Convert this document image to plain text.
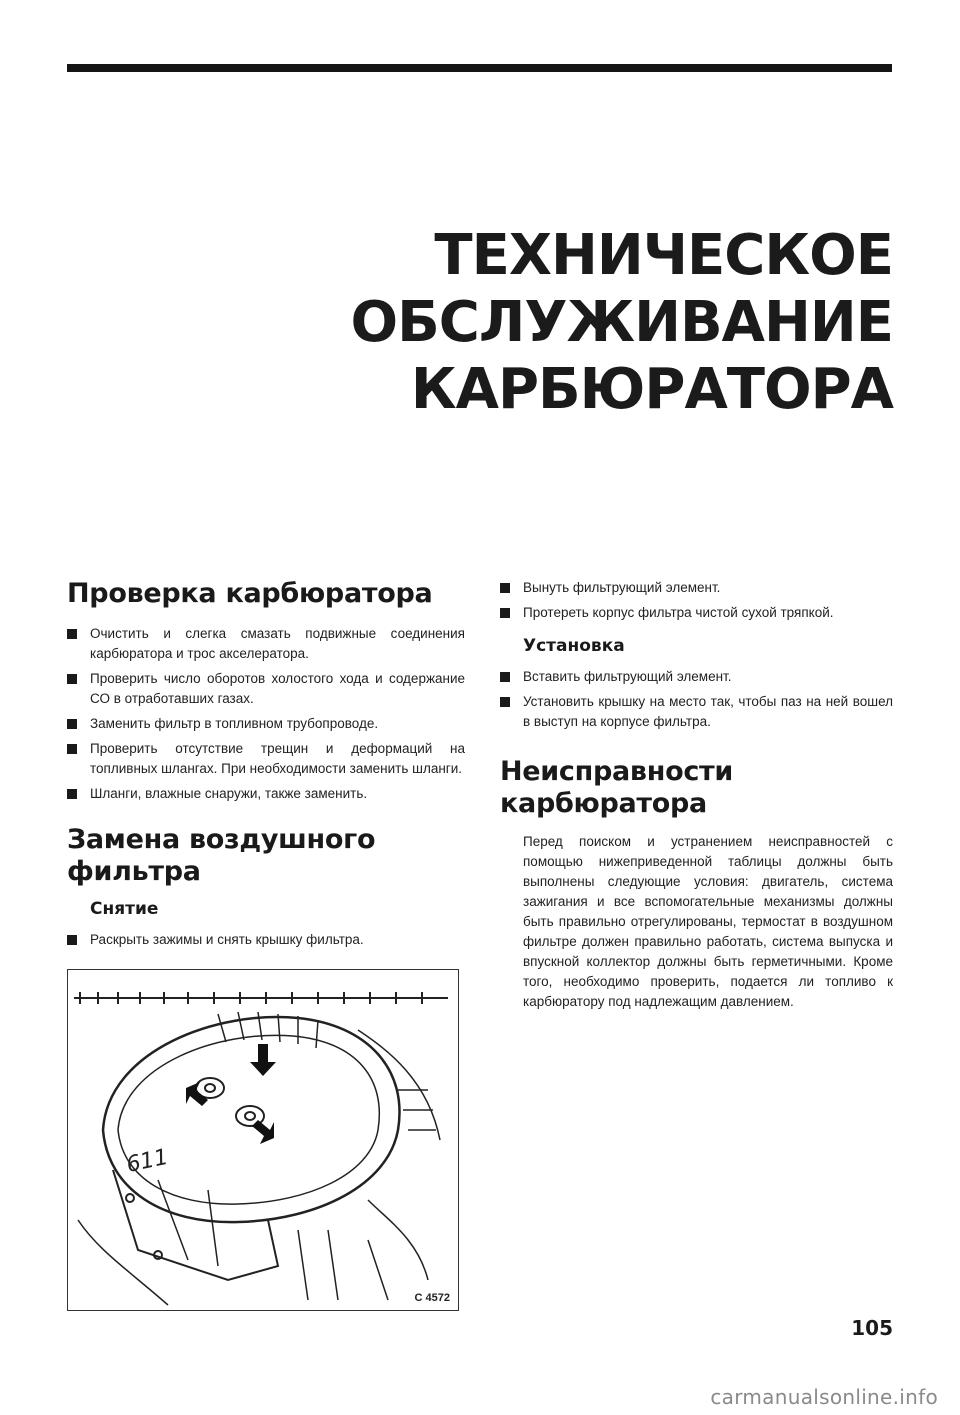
ТЕХНИЧЕСКОЕ
ОБСЛУЖИВАНИЕ
КАРБЮРАТОРА
Проверка карбюратора
Очистить и слегка смазать подвижные соединения карбюратора и трос акселератора.
Проверить число оборотов холостого хода и содержание СО в отработавших газах.
Заменить фильтр в топливном трубопроводе.
Проверить отсутствие трещин и деформаций на топливных шлангах. При необходимости заменить шланги.
Шланги, влажные снаружи, также заменить.
Замена воздушного фильтра
Снятие
Раскрыть зажимы и снять крышку фильтра.
611
C 4572
Вынуть фильтрующий элемент.
Протереть корпус фильтра чистой сухой тряпкой.
Установка
Вставить фильтрующий элемент.
Установить крышку на место так, чтобы паз на ней вошел в выступ на корпусе фильтра.
Неисправности карбюратора

Перед поиском и устранением неисправностей с помощью нижеприведенной таблицы должны быть выполнены следующие условия: двигатель, система зажигания и все вспомогательные механизмы должны быть правильно отрегулированы, термостат в воздушном фильтре должен правильно работать, система выпуска и впускной коллектор должны быть герметичными. Кроме того, необходимо проверить, подается ли топливо к карбюратору под надлежащим давлением.

105
carmanualsonline.info
